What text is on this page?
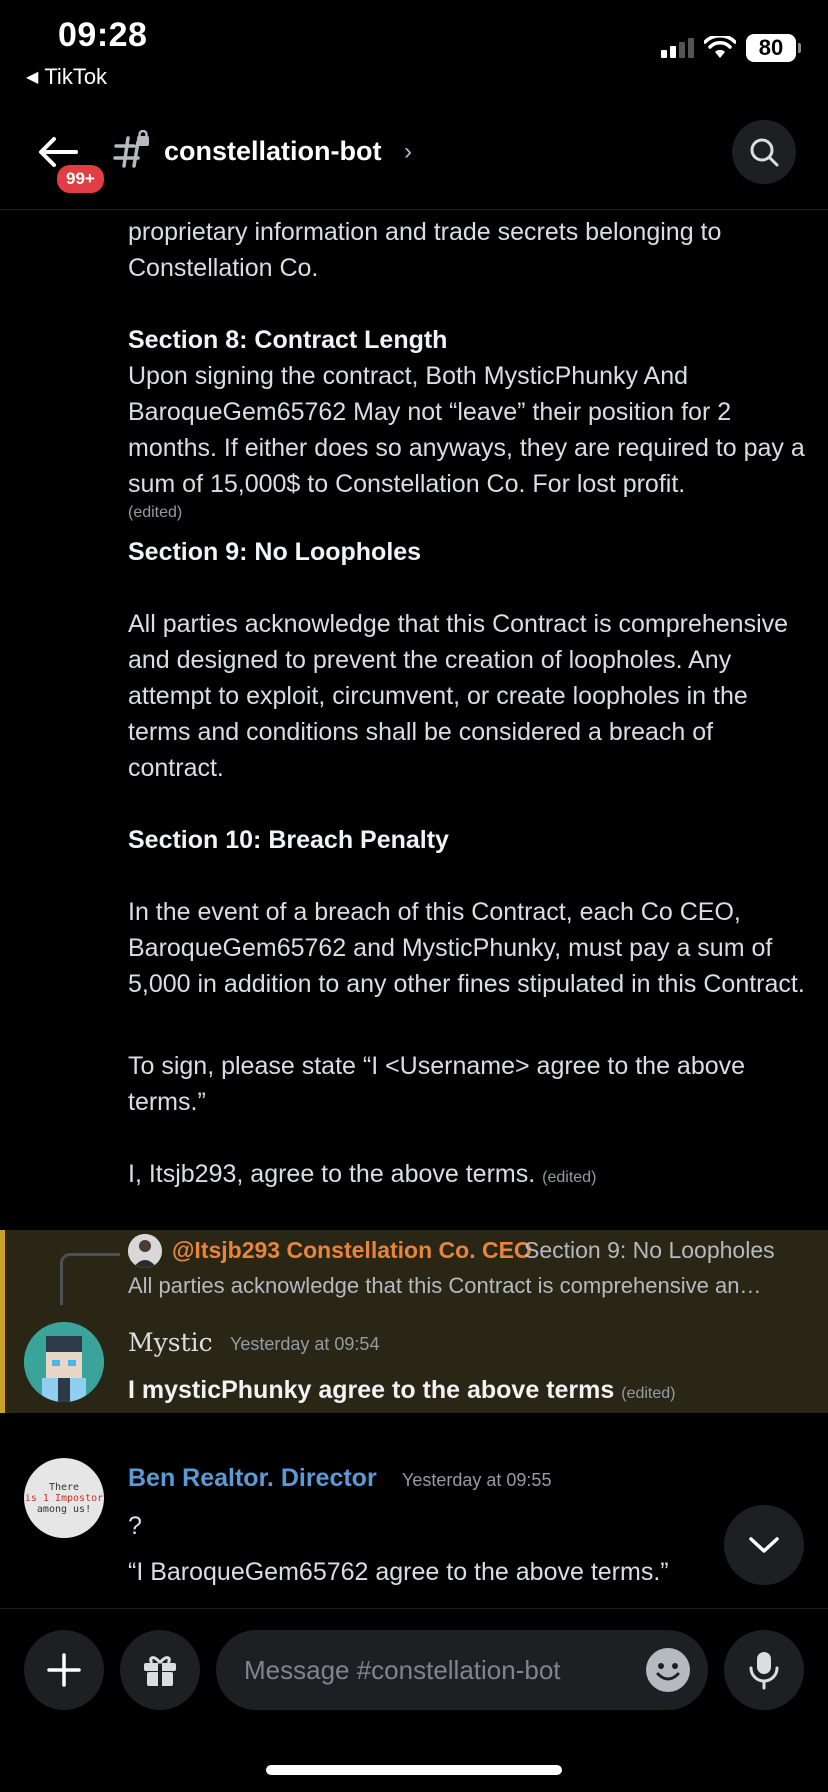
09:28
◀ TikTok
80
99+
constellation-bot ›
proprietary information and trade secrets belonging to
Constellation Co.
Section 8: Contract Length
Upon signing the contract, Both MysticPhunky And BaroqueGem65762 May not “leave” their position for 2 months. If either does so anyways, they are required to pay a sum of 15,000$ to Constellation Co. For lost profit.
(edited)
Section 9: No Loopholes
All parties acknowledge that this Contract is comprehensive and designed to prevent the creation of loopholes. Any attempt to exploit, circumvent, or create loopholes in the terms and conditions shall be considered a breach of contract.
Section 10: Breach Penalty
In the event of a breach of this Contract, each Co CEO, BaroqueGem65762 and MysticPhunky, must pay a sum of 5,000 in addition to any other fines stipulated in this Contract.
To sign, please state “I <Username> agree to the above terms.”
I, Itsjb293, agree to the above terms. (edited)
@Itsjb293 Constellation Co. CEO
Section 9: No Loopholes
All parties acknowledge that this Contract is comprehensive an…
Mystic Yesterday at 09:54
I mysticPhunky agree to the above terms (edited)
There
is 1 Impostor
among us!
Ben Realtor. Director Yesterday at 09:55
?
“I BaroqueGem65762 agree to the above terms.”
Message #constellation-bot
